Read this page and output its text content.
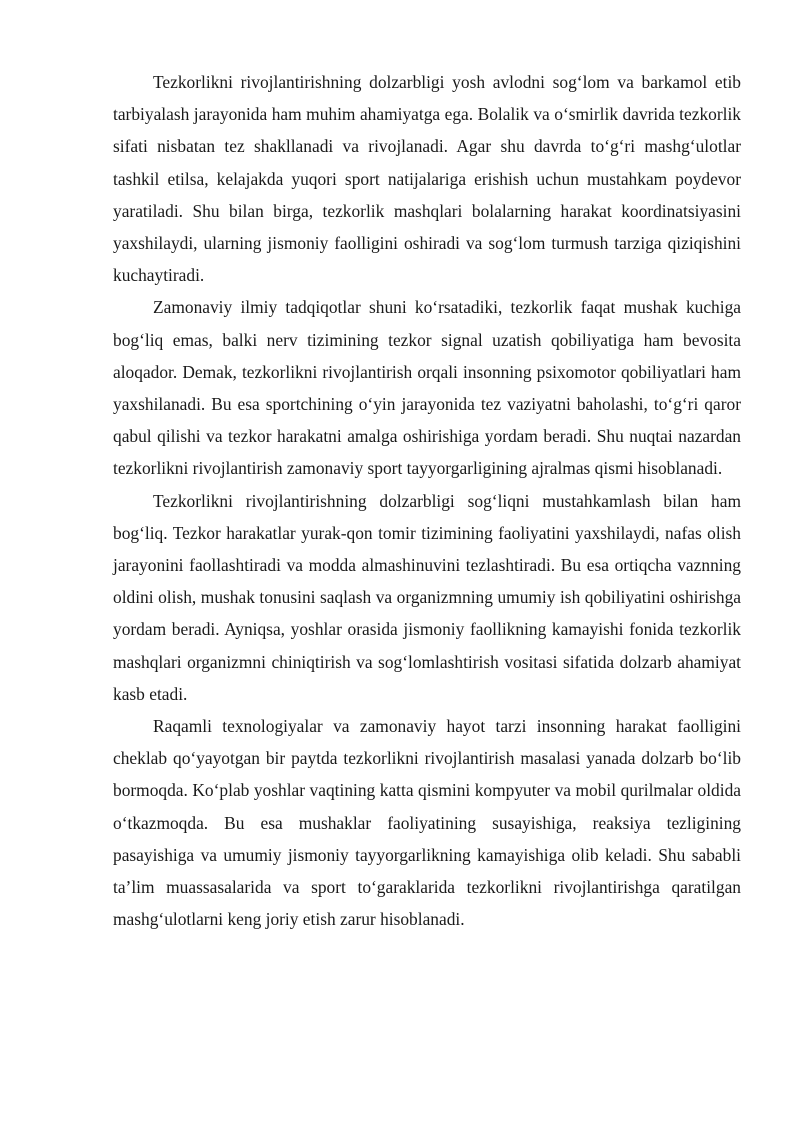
Tezkorlikni rivojlantirishning dolzarbligi yosh avlodni sog‘lom va barkamol etib tarbiyalash jarayonida ham muhim ahamiyatga ega. Bolalik va o‘smirlik davrida tezkorlik sifati nisbatan tez shakllanadi va rivojlanadi. Agar shu davrda to‘g‘ri mashg‘ulotlar tashkil etilsa, kelajakda yuqori sport natijalariga erishish uchun mustahkam poydevor yaratiladi. Shu bilan birga, tezkorlik mashqlari bolalarning harakat koordinatsiyasini yaxshilaydi, ularning jismoniy faolligini oshiradi va sog‘lom turmush tarziga qiziqishini kuchaytiradi.

Zamonaviy ilmiy tadqiqotlar shuni ko‘rsatadiki, tezkorlik faqat mushak kuchiga bog‘liq emas, balki nerv tizimining tezkor signal uzatish qobiliyatiga ham bevosita aloqador. Demak, tezkorlikni rivojlantirish orqali insonning psixomotor qobiliyatlari ham yaxshilanadi. Bu esa sportchining o‘yin jarayonida tez vaziyatni baholashi, to‘g‘ri qaror qabul qilishi va tezkor harakatni amalga oshirishiga yordam beradi. Shu nuqtai nazardan tezkorlikni rivojlantirish zamonaviy sport tayyorgarligining ajralmas qismi hisoblanadi.

Tezkorlikni rivojlantirishning dolzarbligi sog‘liqni mustahkamlash bilan ham bog‘liq. Tezkor harakatlar yurak-qon tomir tizimining faoliyatini yaxshilaydi, nafas olish jarayonini faollashtiradi va modda almashinuvini tezlashtiradi. Bu esa ortiqcha vaznning oldini olish, mushak tonusini saqlash va organizmning umumiy ish qobiliyatini oshirishga yordam beradi. Ayniqsa, yoshlar orasida jismoniy faollikning kamayishi fonida tezkorlik mashqlari organizmni chiniqtirish va sog‘lomlashtirish vositasi sifatida dolzarb ahamiyat kasb etadi.

Raqamli texnologiyalar va zamonaviy hayot tarzi insonning harakat faolligini cheklab qo‘yayotgan bir paytda tezkorlikni rivojlantirish masalasi yanada dolzarb bo‘lib bormoqda. Ko‘plab yoshlar vaqtining katta qismini kompyuter va mobil qurilmalar oldida o‘tkazmoqda. Bu esa mushaklar faoliyatining susayishiga, reaksiya tezligining pasayishiga va umumiy jismoniy tayyorgarlikning kamayishiga olib keladi. Shu sababli ta’lim muassasalarida va sport to‘garaklarida tezkorlikni rivojlantirishga qaratilgan mashg‘ulotlarni keng joriy etish zarur hisoblanadi.
